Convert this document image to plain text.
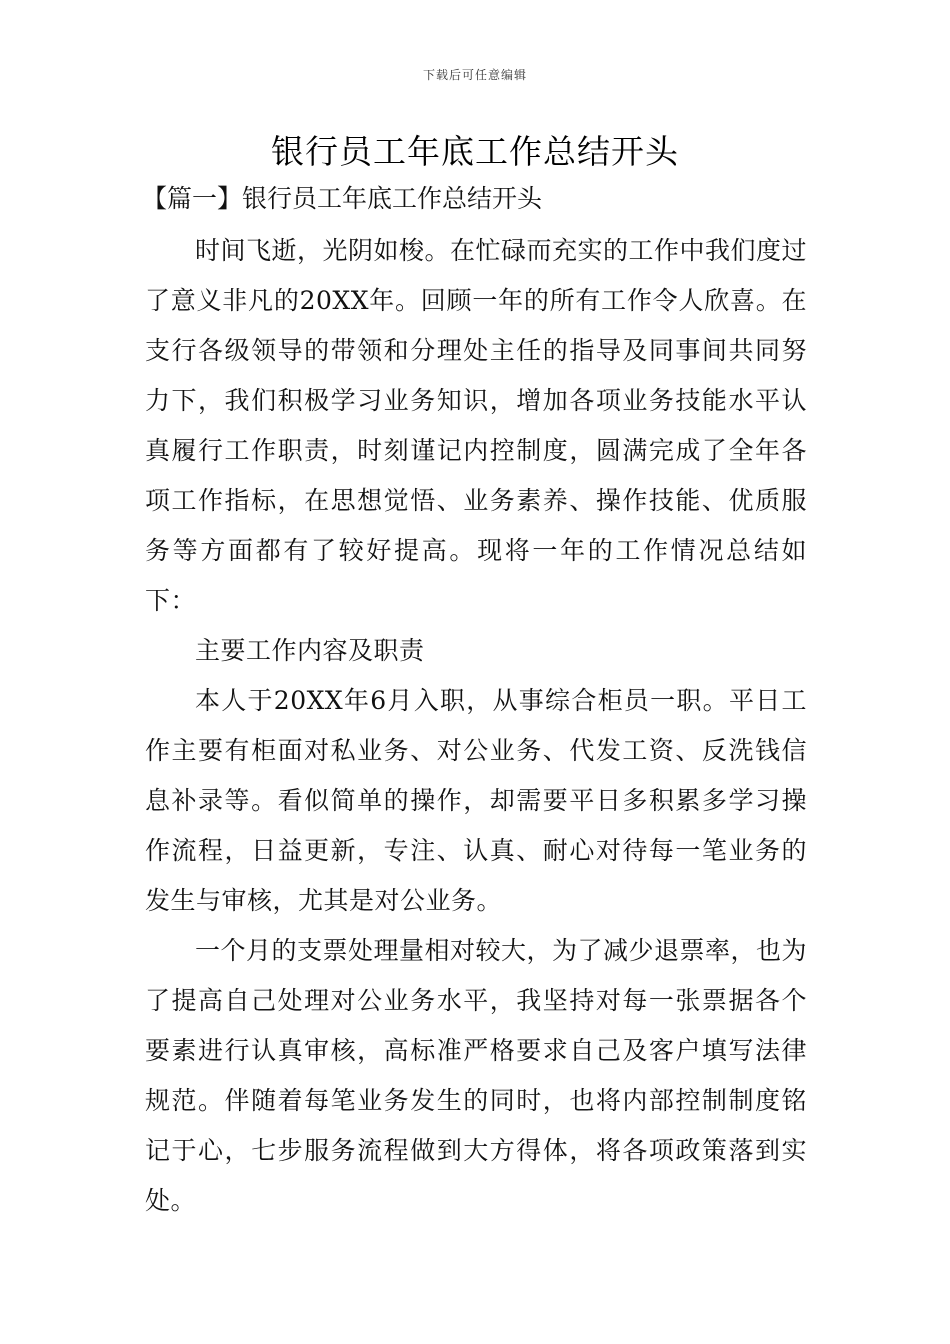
下载后可任意编辑
银行员工年底工作总结开头
【篇一】银行员工年底工作总结开头

时间飞逝，光阴如梭。在忙碌而充实的工作中我们度过了意义非凡的20XX年。回顾一年的所有工作令人欣喜。在支行各级领导的带领和分理处主任的指导及同事间共同努力下，我们积极学习业务知识，增加各项业务技能水平认真履行工作职责，时刻谨记内控制度，圆满完成了全年各项工作指标，在思想觉悟、业务素养、操作技能、优质服务等方面都有了较好提高。现将一年的工作情况总结如下：

主要工作内容及职责

本人于20XX年6月入职，从事综合柜员一职。平日工作主要有柜面对私业务、对公业务、代发工资、反洗钱信息补录等。看似简单的操作，却需要平日多积累多学习操作流程，日益更新，专注、认真、耐心对待每一笔业务的发生与审核，尤其是对公业务。

一个月的支票处理量相对较大，为了减少退票率，也为了提高自己处理对公业务水平，我坚持对每一张票据各个要素进行认真审核，高标准严格要求自己及客户填写法律规范。伴随着每笔业务发生的同时，也将内部控制制度铭记于心，七步服务流程做到大方得体，将各项政策落到实处。
